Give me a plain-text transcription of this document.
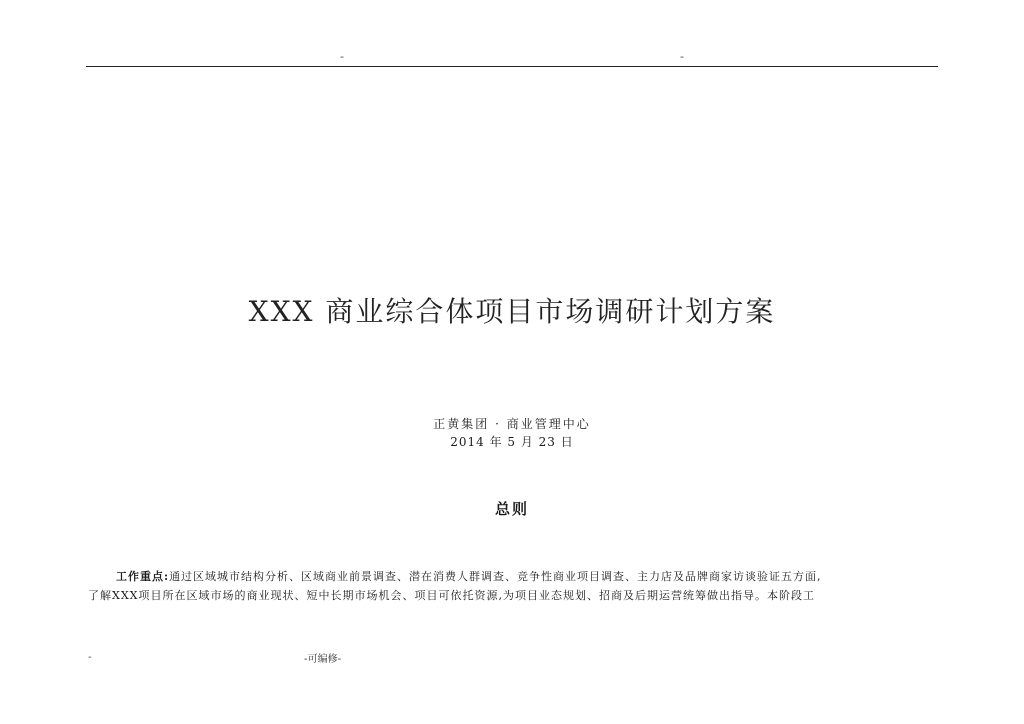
-	-
XXX 商业综合体项目市场调研计划方案
正黄集团 · 商业管理中心
2014 年 5 月 23 日
总则
工作重点:通过区域城市结构分析、区域商业前景调查、潜在消费人群调查、竞争性商业项目调查、主力店及品牌商家访谈验证五方面,
了解XXX项目所在区域市场的商业现状、短中长期市场机会、项目可依托资源,为项目业态规划、招商及后期运营统筹做出指导。本阶段工
-	-可编修-
